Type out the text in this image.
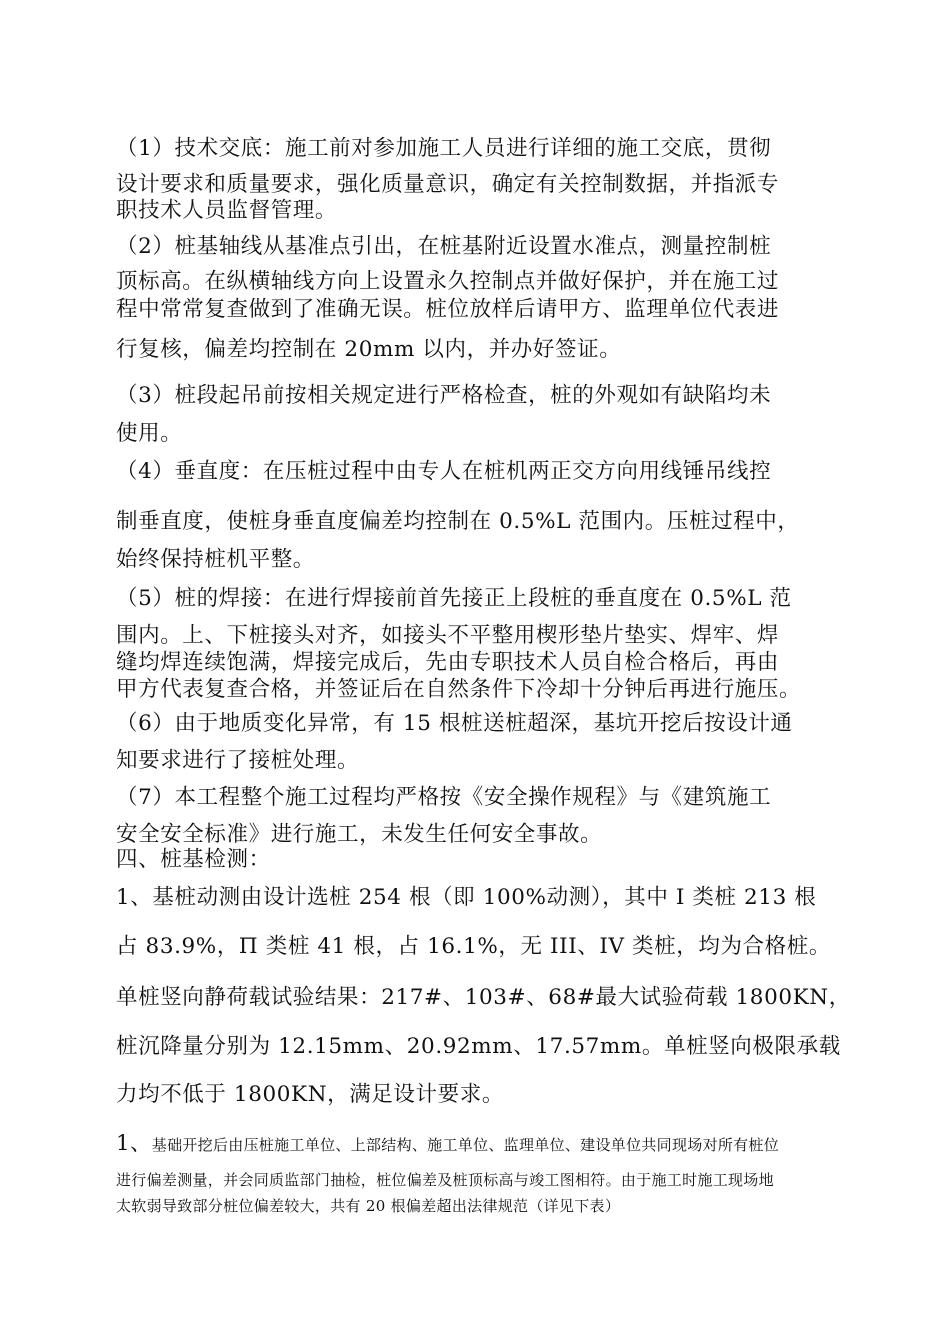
（1）技术交底：施工前对参加施工人员进行详细的施工交底，贯彻
设计要求和质量要求，强化质量意识，确定有关控制数据，并指派专
职技术人员监督管理。
（2）桩基轴线从基准点引出，在桩基附近设置水准点，测量控制桩
顶标高。在纵横轴线方向上设置永久控制点并做好保护，并在施工过
程中常常复查做到了准确无误。桩位放样后请甲方、监理单位代表进
行复核，偏差均控制在 20mm 以内，并办好签证。
（3）桩段起吊前按相关规定进行严格检查，桩的外观如有缺陷均未
使用。
（4）垂直度：在压桩过程中由专人在桩机两正交方向用线锤吊线控
制垂直度，使桩身垂直度偏差均控制在 0.5%L 范围内。压桩过程中，
始终保持桩机平整。
（5）桩的焊接：在进行焊接前首先接正上段桩的垂直度在 0.5%L 范
围内。上、下桩接头对齐，如接头不平整用楔形垫片垫实、焊牢、焊
缝均焊连续饱满，焊接完成后，先由专职技术人员自检合格后，再由
甲方代表复查合格，并签证后在自然条件下冷却十分钟后再进行施压。
（6）由于地质变化异常，有 15 根桩送桩超深，基坑开挖后按设计通
知要求进行了接桩处理。
（7）本工程整个施工过程均严格按《安全操作规程》与《建筑施工
安全安全标准》进行施工，未发生任何安全事故。
四、桩基检测：
1、基桩动测由设计选桩 254 根（即 100%动测），其中 I 类桩 213 根
占 83.9%，Π 类桩 41 根，占 16.1%，无 III、IV 类桩，均为合格桩。
单桩竖向静荷载试验结果：217#、103#、68#最大试验荷载 1800KN，
桩沉降量分别为 12.15mm、20.92mm、17.57mm。单桩竖向极限承载
力均不低于 1800KN，满足设计要求。
1、基础开挖后由压桩施工单位、上部结构、施工单位、监理单位、建设单位共同现场对所有桩位
进行偏差测量，并会同质监部门抽检，桩位偏差及桩顶标高与竣工图相符。由于施工时施工现场地
太软弱导致部分桩位偏差较大，共有 20 根偏差超出法律规范（详见下表）
